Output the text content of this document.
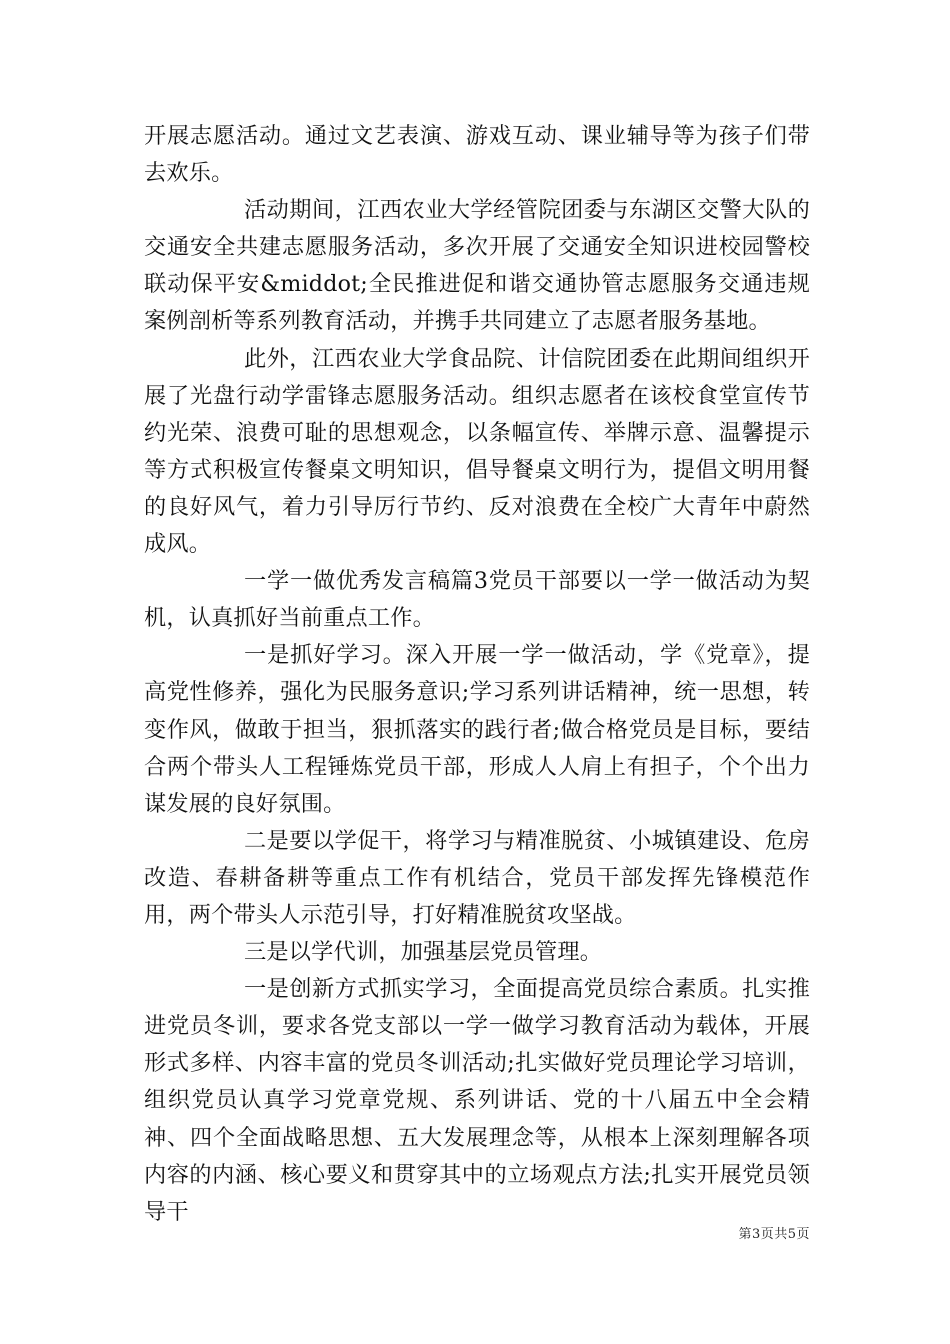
开展志愿活动。通过文艺表演、游戏互动、课业辅导等为孩子们带去欢乐。

活动期间，江西农业大学经管院团委与东湖区交警大队的交通安全共建志愿服务活动，多次开展了交通安全知识进校园警校联动保平安&middot;全民推进促和谐交通协管志愿服务交通违规案例剖析等系列教育活动，并携手共同建立了志愿者服务基地。

此外，江西农业大学食品院、计信院团委在此期间组织开展了光盘行动学雷锋志愿服务活动。组织志愿者在该校食堂宣传节约光荣、浪费可耻的思想观念，以条幅宣传、举牌示意、温馨提示等方式积极宣传餐桌文明知识，倡导餐桌文明行为，提倡文明用餐的良好风气，着力引导厉行节约、反对浪费在全校广大青年中蔚然成风。

一学一做优秀发言稿篇3党员干部要以一学一做活动为契机，认真抓好当前重点工作。

一是抓好学习。深入开展一学一做活动，学《党章》，提高党性修养，强化为民服务意识;学习系列讲话精神，统一思想，转变作风，做敢于担当，狠抓落实的践行者;做合格党员是目标，要结合两个带头人工程锤炼党员干部，形成人人肩上有担子，个个出力谋发展的良好氛围。

二是要以学促干，将学习与精准脱贫、小城镇建设、危房改造、春耕备耕等重点工作有机结合，党员干部发挥先锋模范作用，两个带头人示范引导，打好精准脱贫攻坚战。

三是以学代训，加强基层党员管理。

一是创新方式抓实学习，全面提高党员综合素质。扎实推进党员冬训，要求各党支部以一学一做学习教育活动为载体，开展形式多样、内容丰富的党员冬训活动;扎实做好党员理论学习培训，组织党员认真学习党章党规、系列讲话、党的十八届五中全会精神、四个全面战略思想、五大发展理念等，从根本上深刻理解各项内容的内涵、核心要义和贯穿其中的立场观点方法;扎实开展党员领导干

第3页共5页
